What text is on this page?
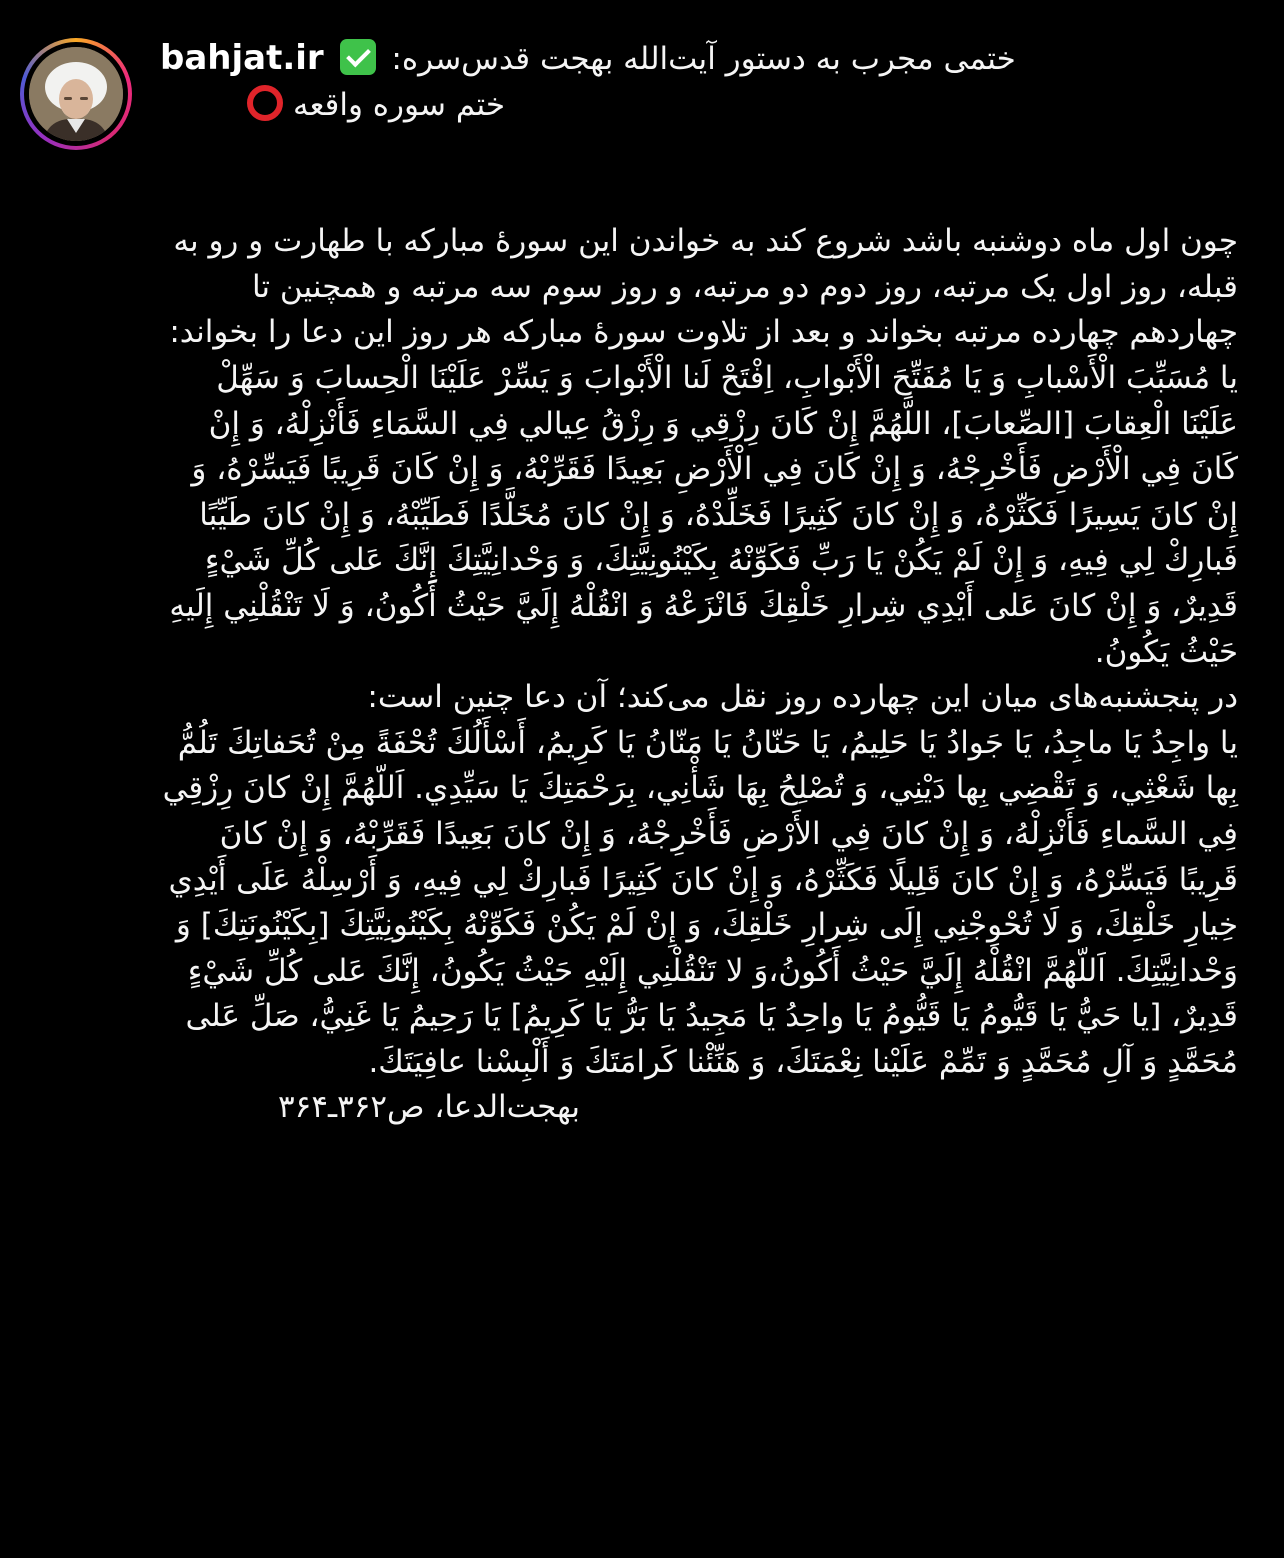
bahjat.ir ختمی مجرب به دستور آیت‌الله بهجت قدس‌سره:
ختم سوره واقعه
چون اول ماه دوشنبه باشد شروع کند به خواندن این سورهٔ مبارکه با طهارت و رو به قبله، روز اول یک مرتبه، روز دوم دو مرتبه، و روز سوم سه مرتبه و همچنین تا چهاردهم چهارده مرتبه بخواند و بعد از تلاوت سورهٔ مبارکه هر روز این دعا را بخواند:
يا مُسَبِّبَ الْأَسْبابِ وَ يَا مُفَتِّحَ الْأَبْوابِ، اِفْتَحْ لَنا الْأَبْوابَ وَ يَسِّرْ عَلَيْنَا الْحِسابَ وَ سَهِّلْ عَلَيْنَا الْعِقابَ [الصِّعابَ]، اللَّهُمَّ إِنْ كَانَ رِزْقِي وَ رِزْقُ عِيالي فِي السَّمَاءِ فَأَنْزِلْهُ، وَ إِنْ كَانَ فِي الْأَرْضِ فَأَخْرِجْهُ، وَ إِنْ كَانَ فِي الْأَرْضِ بَعِيدًا فَقَرِّبْهُ، وَ إِنْ كَانَ قَرِيبًا فَيَسِّرْهُ، وَ إِنْ كانَ يَسِيرًا فَكَثِّرْهُ، وَ إِنْ كانَ كَثِيرًا فَخَلِّدْهُ، وَ إِنْ كانَ مُخَلَّدًا فَطَيِّبْهُ، وَ إِنْ كانَ طَيِّبًا فَبارِكْ لِي فِيهِ، وَ إِنْ لَمْ يَكُنْ يَا رَبِّ فَكَوِّنْهُ بِكَيْنُونِيَّتِكَ، وَ وَحْدانِيَّتِكَ إِنَّكَ عَلى كُلِّ شَيْءٍ قَدِيرٌ، وَ إِنْ كانَ عَلى أَيْدِي شِرارِ خَلْقِكَ فَانْزَعْهُ وَ انْقُلْهُ إِلَيَّ حَيْثُ أَكُونُ، وَ لَا تَنْقُلْنِي إِلَيهِ حَيْثُ يَكُونُ.
در پنجشنبه‌های میان این چهارده روز نقل می‌کند؛ آن دعا چنین است:
يا واجِدُ يَا ماجِدُ، يَا جَوادُ يَا حَلِيمُ، يَا حَنّانُ يَا مَنّانُ يَا كَرِيمُ، أَسْأَلُكَ تُحْفَةً مِنْ تُحَفاتِكَ تَلُمُّ بِها شَعْثِي، وَ تَقْضِي بِها دَيْنِي، وَ تُصْلِحُ بِهَا شَأْنِي، بِرَحْمَتِكَ يَا سَيِّدِي. اَللّهُمَّ إِنْ كانَ رِزْقِي فِي السَّماءِ فَأَنْزِلْهُ، وَ إِنْ كانَ فِي الأَرْضِ فَأَخْرِجْهُ، وَ إِنْ كانَ بَعِيدًا فَقَرِّبْهُ، وَ إِنْ كانَ قَرِيبًا فَيَسِّرْهُ، وَ إِنْ كانَ قَلِيلًا فَكَثِّرْهُ، وَ إِنْ كانَ كَثِيرًا فَبارِكْ لِي فِيهِ، وَ أَرْسِلْهُ عَلَى أَيْدِي خِيارِ خَلْقِكَ، وَ لَا تُحْوِجْنِي إِلَى شِرارِ خَلْقِكَ، وَ إِنْ لَمْ يَكُنْ فَكَوِّنْهُ بِكَيْنُونِيَّتِكَ [بِكَيْنُونَتِكَ] وَ وَحْدانِيَّتِكَ. اَللّهُمَّ انْقُلْهُ إِلَيَّ حَيْثُ أَكُونُ،وَ لا تَنْقُلْنِي إِلَيْهِ حَيْثُ يَكُونُ، إِنَّكَ عَلى كُلِّ شَيْءٍ قَدِيرٌ، [يا حَيُّ يَا قَيُّومُ يَا قَيُّومُ يَا واحِدُ يَا مَجِيدُ يَا بَرُّ يَا كَرِيمُ] يَا رَحِيمُ يَا غَنِيُّ، صَلِّ عَلى مُحَمَّدٍ وَ آلِ مُحَمَّدٍ وَ تَمِّمْ عَلَيْنا نِعْمَتَكَ، وَ هَنِّئْنا كَرامَتَكَ وَ أَلْبِسْنا عافِيَتَكَ.
بهجت‌الدعا، ص۳۶۲ـ۳۶۴
